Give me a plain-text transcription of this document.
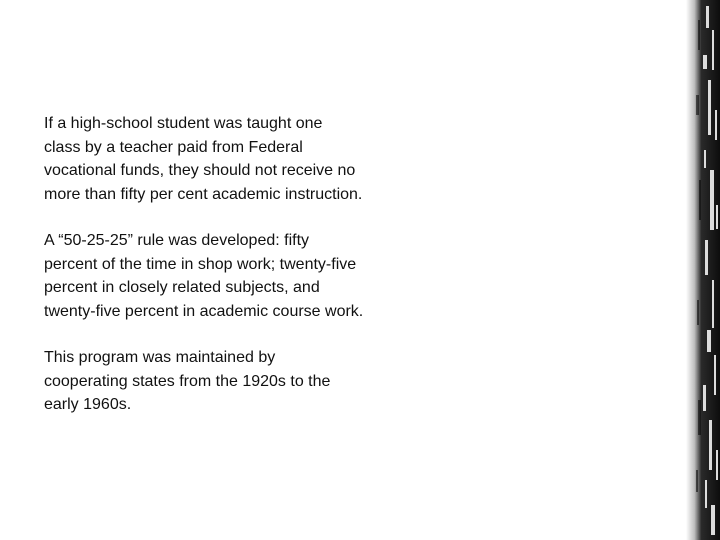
If a high-school student was taught one
class by a teacher paid from Federal
vocational funds, they should not receive no
more than fifty per cent academic instruction.

A “50-25-25” rule was developed: fifty
percent of the time in shop work; twenty-five
percent in closely related subjects, and
twenty-five percent in academic course work.

This program was maintained by
cooperating states from the 1920s to the
early 1960s.
